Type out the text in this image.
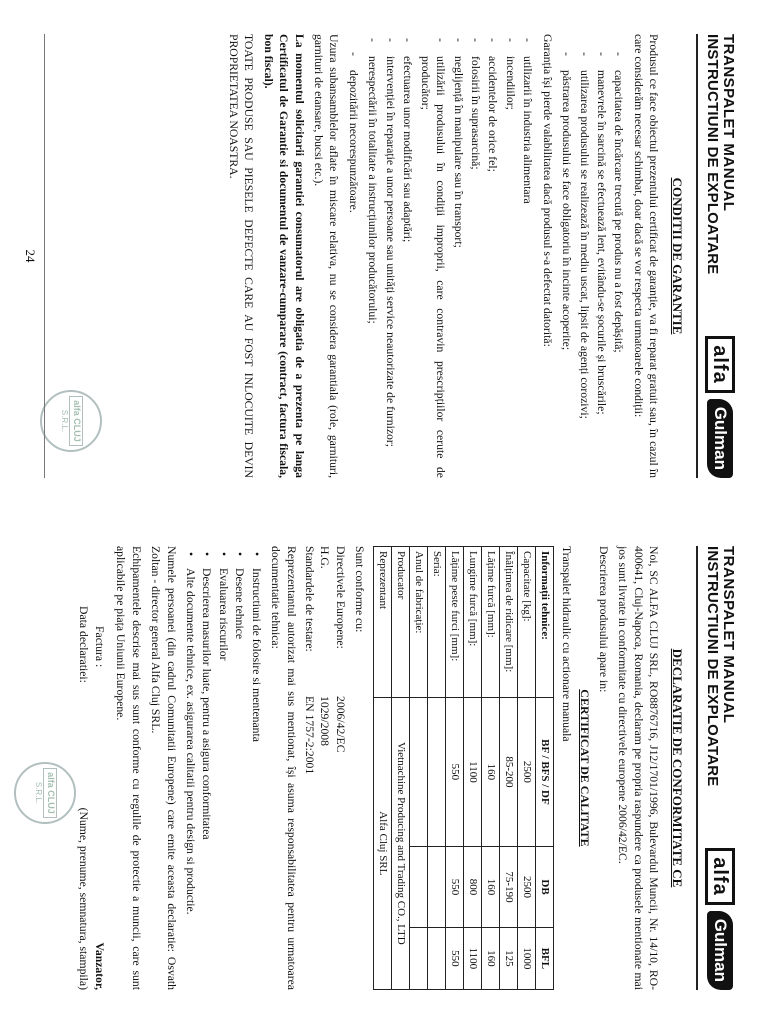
TRANSPALET MANUAL
INSTRUCTIUNI DE EXPLOATARE
alfa
Gulman
CONDITII DE GARANTIE

Produsul ce face obiectul prezentului certificat de garanție, va fi reparat gratuit sau, în cazul în care considerăm necesar schimbat, doar dacă se vor respecta urmatoarele condiții:

- capacitatea de încărcare trecută pe produs nu a fost depășită;
- manevrele în sarcină se efectuează lent, evitându-se șocurile și bruscările;
- utilizarea produsului se realizează în mediu uscat, lipsit de agenți corozivi;
- păstrarea produsului se face obligatoriu în incinte acoperite;

Garanția își pierde valabilitatea dacă produsul s-a defectat datorită:

- utilizarii în industria alimentara
- incendiilor;
- accidentelor de orice fel;
- folosirii în suprasarcină;
- neglijență în manipulare sau în transport;
- utilizării produsului în condiții improprii, care contravin prescripțiilor cerute de producător;
- efectuarea unor modificări sau adaptări;
- intervenției în reparație a unor persoane sau unități service neautorizate de furnizor;
- nerespectării în totalitate a instrucțiunilor producătorului;
- depozitării necorespunzătoare.

Uzura subansamblelor aflate în miscare relativa, nu se considera garantiala (role, garnituri, garnituri de etansare, bucsi etc.).

La momentul solicitarii garantiei consumatorul are obligatia de a prezenta pe langa Certificatul de Garantie si documentul de vanzare-cumparare (contract, factura fiscala, bon fiscal).

TOATE PRODUSE SAU PIESELE DEFECTE CARE AU FOST INLOCUITE DEVIN PROPRIETATEA NOASTRA.

alfa CLUJ
S.R.L.
24
TRANSPALET MANUAL
INSTRUCTIUNI DE EXPLOATARE
alfa
Gulman
DECLARATIE DE CONFORMITATE CE

Noi, SC ALFA CLUJ SRL, RO8876716, J12/1701/1996, Bulevardul Muncii, Nr. 14/10, RO-400641, Cluj-Napoca, Romania, declaram pe propria raspundere ca produsele mentionate mai jos sunt livrate in conformitate cu directivele europene 2006/42/EC.

Descrierea produsului apare in:

CERTIFICAT DE CALITATE

Transpalet hidraulic cu actionare manuala

Informații tehnice:	BF / BFS / DF	DB	BFL
Capacitate [kg]:	2500	2500	1000
Înălțimea de ridicare [mm]:	85-200	75-190	125
Lățime furcă [mm]:	160	160	160
Lungime furcă [mm]:	1100	800	1100
Lățime peste furci [mm]:	550	550	550
Seria:			
Anul de fabricație:			
Producator	Vietnachine Producing and Trading CO., LTD		
Reprezentant	Alfa Cluj SRL		

Sunt conforme cu:

Directivele Europene:
2006/42/EC
H.G.
1029/2008
Standardele de testare:
EN 1757-2:2001

Reprezentantul autorizat mai sus mentionat, își asuma responsabilitatea pentru urmatoarea documentatie tehnica:

• Instructiuni de folosire si mentenanta
• Desene tehnice
• Evaluarea riscurilor
• Descrierea masurilor luate, pentru a asigura conformitatea
• Alte documente tehnice, ex. asigurarea calitatii pentru design si productie.

Numele persoanei (din cadrul Comunitatii Europene) care emite aceasta declaratie: Osvath Zoltan - director general Alfa Cluj SRL.

Echipamentele descrise mai sus sunt conforme cu regulile de protectie a muncii, care sunt aplicabile pe piața Uniunii Europene.

Factura :
Data declaratiei:
Vanzator,
(Nume, prenume, semnatura, stampila)
alfa CLUJ
S.R.L.
